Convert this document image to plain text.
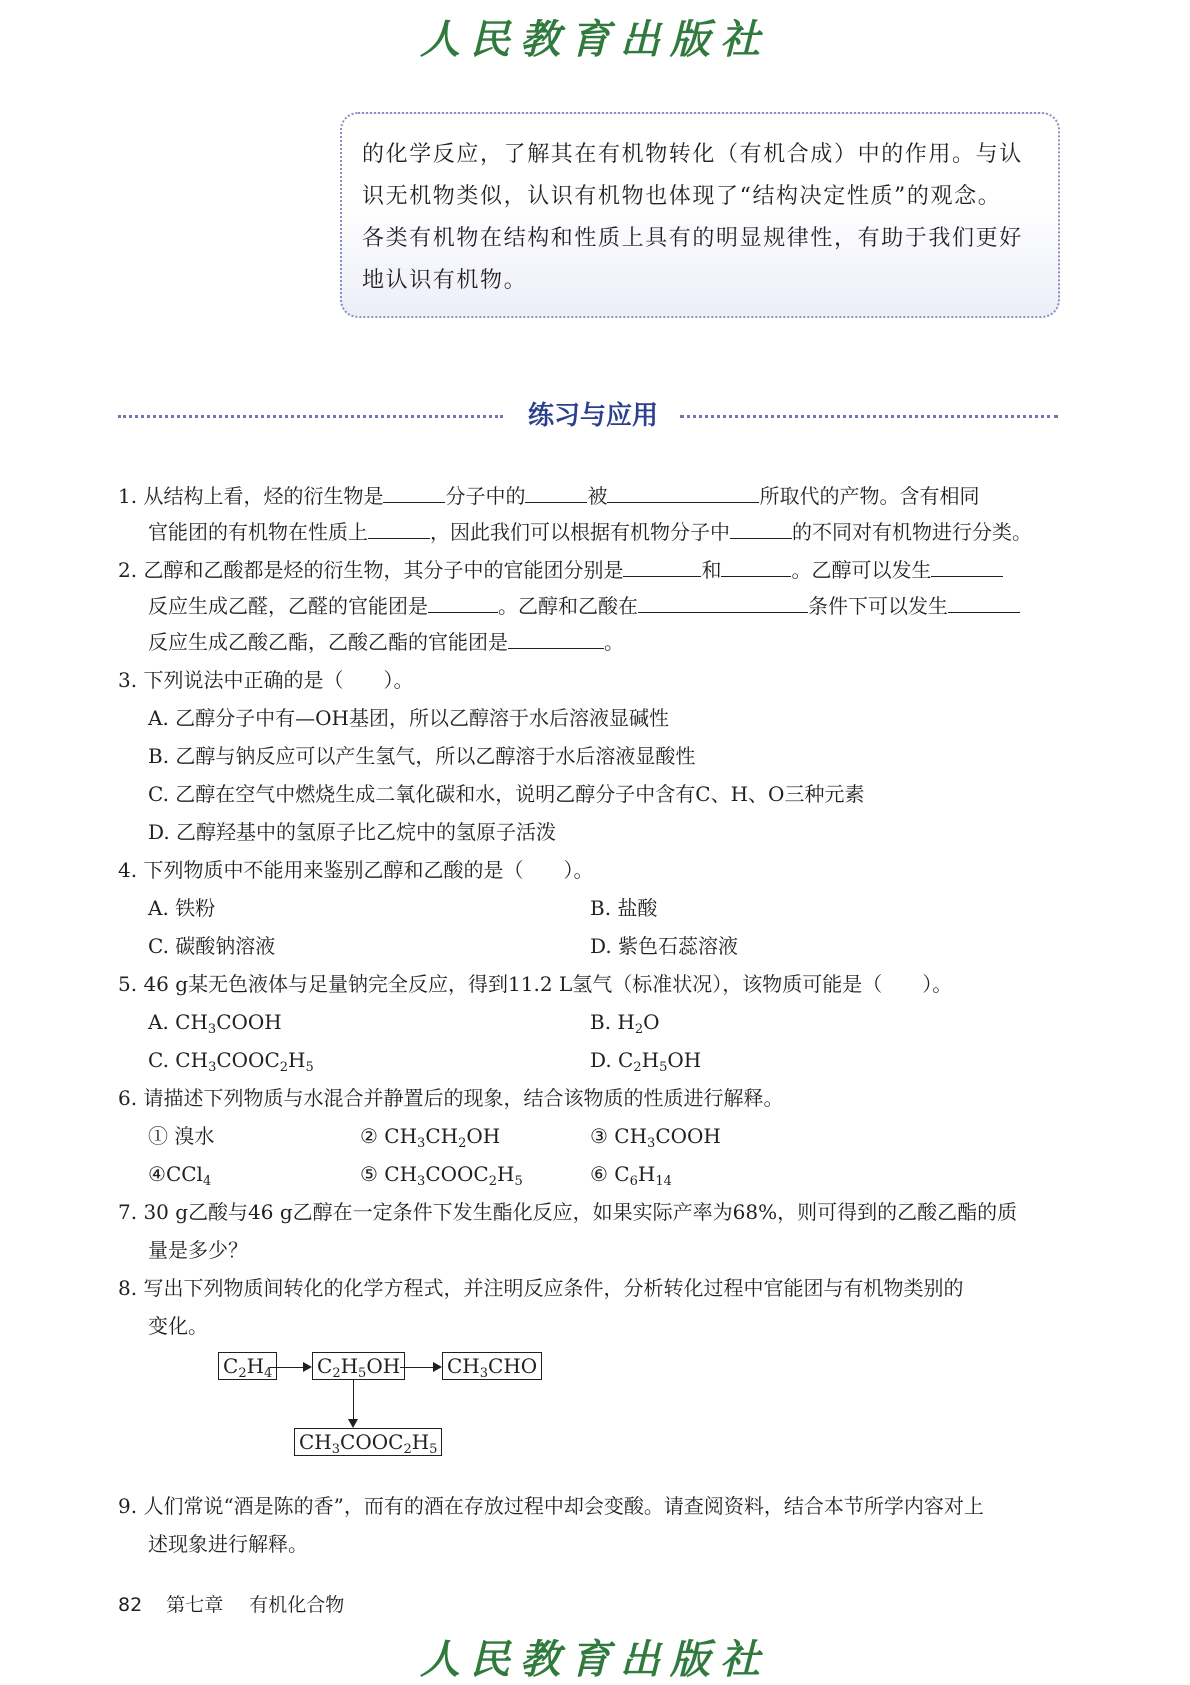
人民教育出版社

的化学反应，了解其在有机物转化（有机合成）中的作用。与认

识无机物类似，认识有机物也体现了“结构决定性质”的观念。

各类有机物在结构和性质上具有的明显规律性，有助于我们更好

地认识有机物。

练习与应用
1. 从结构上看，烃的衍生物是	分子中的	被	所取代的产物。含有相同
官能团的有机物在性质上	，因此我们可以根据有机物分子中	的不同对有机物进行分类。
2. 乙醇和乙酸都是烃的衍生物，其分子中的官能团分别是	和	。乙醇可以发生
反应生成乙醛，乙醛的官能团是	。乙醇和乙酸在	条件下可以发生
反应生成乙酸乙酯，乙酸乙酯的官能团是	。
3. 下列说法中正确的是（　　）。
A. 乙醇分子中有—OH基团，所以乙醇溶于水后溶液显碱性
B. 乙醇与钠反应可以产生氢气，所以乙醇溶于水后溶液显酸性
C. 乙醇在空气中燃烧生成二氧化碳和水，说明乙醇分子中含有C、H、O三种元素
D. 乙醇羟基中的氢原子比乙烷中的氢原子活泼
4. 下列物质中不能用来鉴别乙醇和乙酸的是（　　）。
A. 铁粉	B. 盐酸
C. 碳酸钠溶液	D. 紫色石蕊溶液
5. 46 g某无色液体与足量钠完全反应，得到11.2 L氢气（标准状况），该物质可能是（　　）。
A. $CH_3COOH$	B. $H_2O$
C. $CH_3COOC_2H_5$	D. $C_2H_5OH$
6. 请描述下列物质与水混合并静置后的现象，结合该物质的性质进行解释。
① 溴水	② $CH_3CH_2OH$	③ $CH_3COOH$
④CCl$_4$	⑤ $CH_3COOC_2H_5$	⑥ $C_6H_{14}$
7. 30 g乙酸与46 g乙醇在一定条件下发生酯化反应，如果实际产率为68%，则可得到的乙酸乙酯的质
量是多少？
8. 写出下列物质间转化的化学方程式，并注明反应条件，分析转化过程中官能团与有机物类别的
变化。
$C_2H_4$ $C_2H_5OH$ $CH_3CHO$
$CH_3COOC_2H_5$
9. 人们常说“酒是陈的香”，而有的酒在存放过程中却会变酸。请查阅资料，结合本节所学内容对上
述现象进行解释。
82 第七章 有机化合物
人民教育出版社
